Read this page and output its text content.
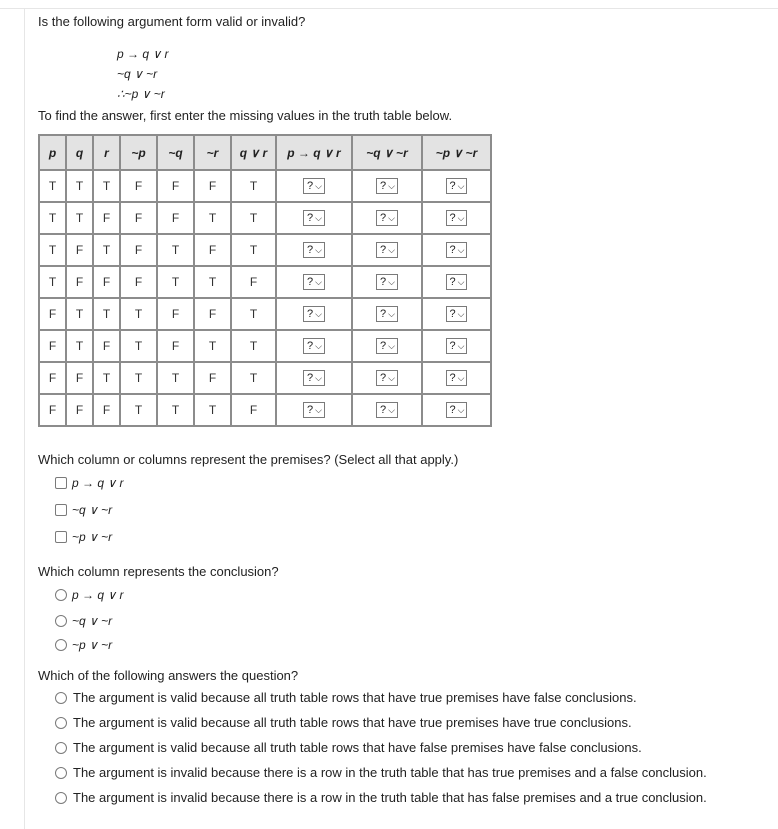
Is the following argument form valid or invalid?
p → q ∨ r
~q ∨ ~r
∴~p ∨ ~r
To find the answer, first enter the missing values in the truth table below.
p	q	r	~p	~q	~r	q ∨ r	p → q ∨ r	~q ∨ ~r	~p ∨ ~r
T	T	T	F	F	F	T	? ⌵	? ⌵	? ⌵
T	T	F	F	F	T	T	? ⌵	? ⌵	? ⌵
T	F	T	F	T	F	T	? ⌵	? ⌵	? ⌵
T	F	F	F	T	T	F	? ⌵	? ⌵	? ⌵
F	T	T	T	F	F	T	? ⌵	? ⌵	? ⌵
F	T	F	T	F	T	T	? ⌵	? ⌵	? ⌵
F	F	T	T	T	F	T	? ⌵	? ⌵	? ⌵
F	F	F	T	T	T	F	? ⌵	? ⌵	? ⌵
Which column or columns represent the premises? (Select all that apply.)
p → q ∨ r
~q ∨ ~r
~p ∨ ~r
Which column represents the conclusion?
p → q ∨ r
~q ∨ ~r
~p ∨ ~r
Which of the following answers the question?
The argument is valid because all truth table rows that have true premises have false conclusions.
The argument is valid because all truth table rows that have true premises have true conclusions.
The argument is valid because all truth table rows that have false premises have false conclusions.
The argument is invalid because there is a row in the truth table that has true premises and a false conclusion.
The argument is invalid because there is a row in the truth table that has false premises and a true conclusion.
